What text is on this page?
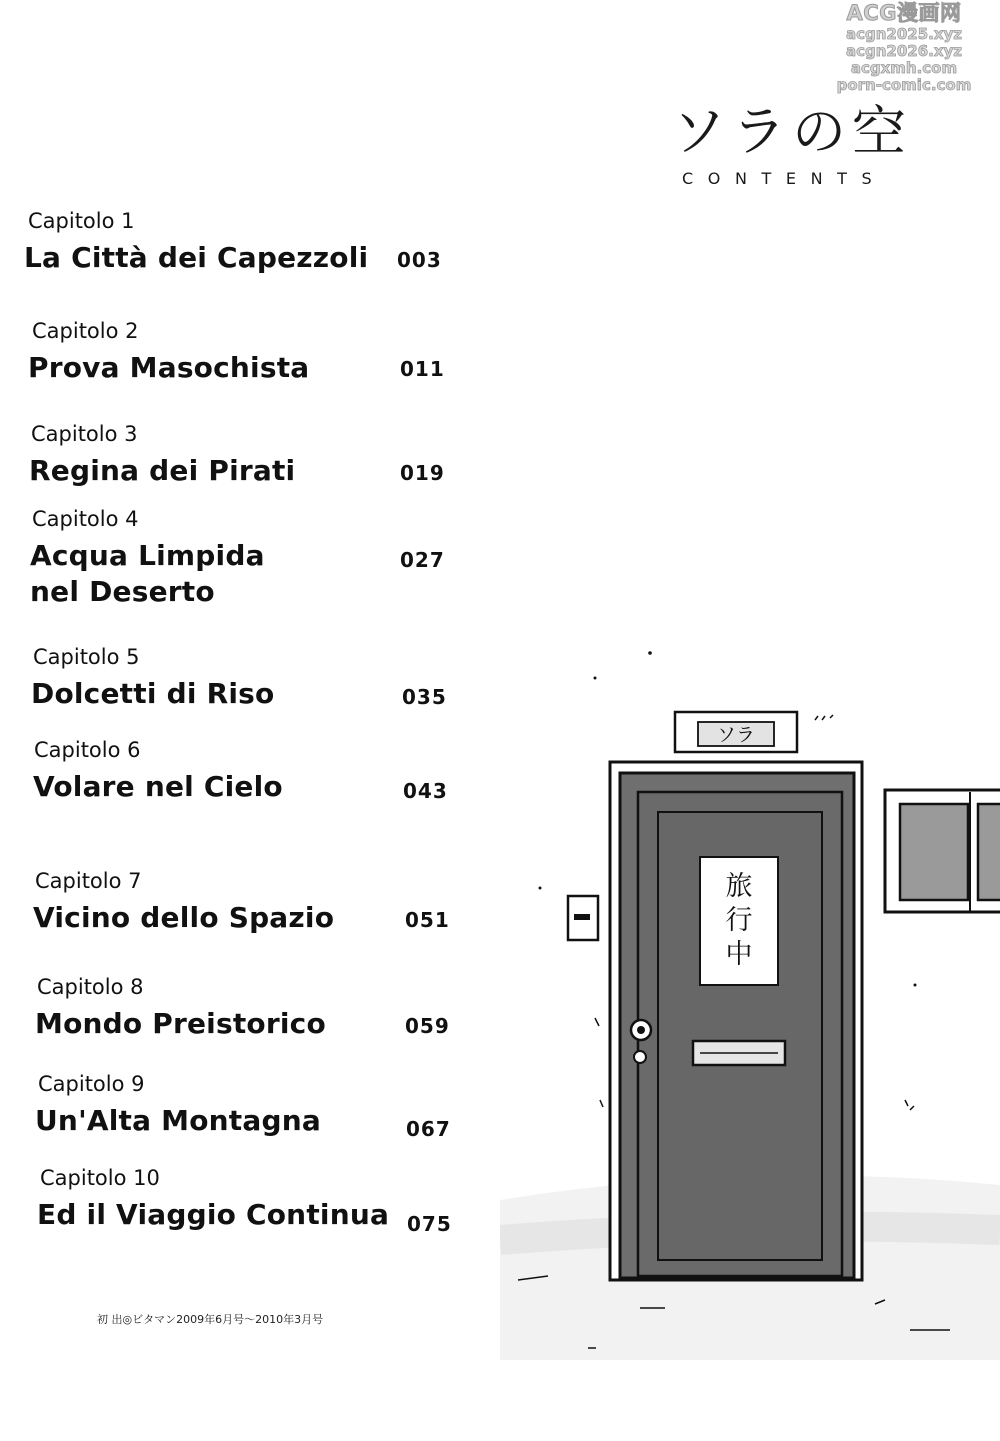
ACG漫画网
acgn2025.xyz
acgn2026.xyz
acgxmh.com
porn-comic.com
ソラの空
CONTENTS
Capitolo 1
La Città dei Capezzoli 003
Capitolo 2
Prova Masochista	011
Capitolo 3
Regina dei Pirati	019
Capitolo 4
Acqua Limpida
nel Deserto
027
Capitolo 5
Dolcetti di Riso	035
Capitolo 6
Volare nel Cielo	043
Capitolo 7
Vicino dello Spazio	051
Capitolo 8
Mondo Preistorico	059
Capitolo 9
Un'Alta Montagna	067
Capitolo 10
Ed il Viaggio Continua 075
初 出◎ビタマン2009年6月号〜2010年3月号
ソラ
旅
行
中
